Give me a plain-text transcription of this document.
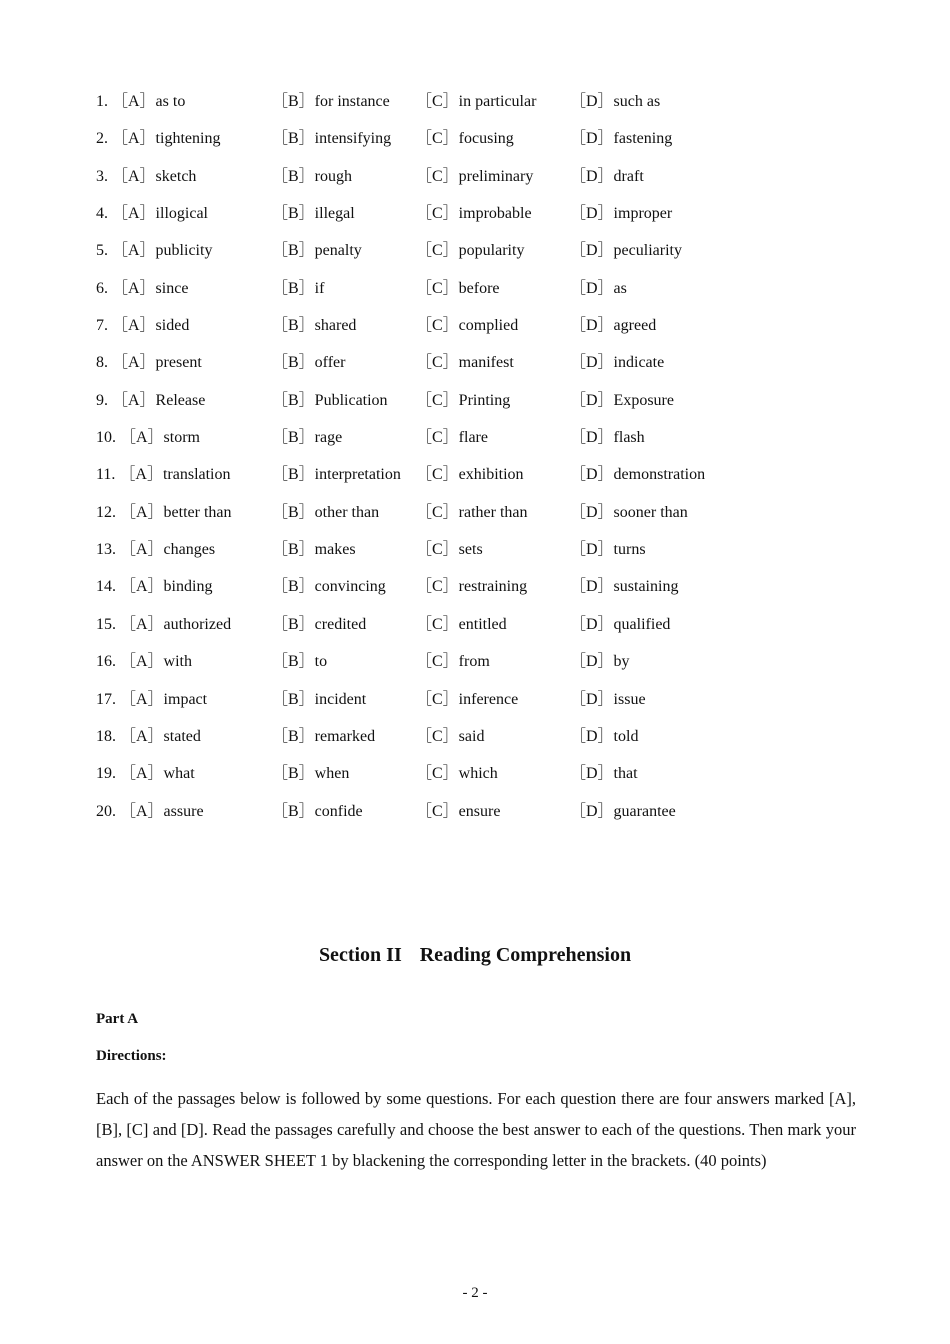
1. ［A］as to	［B］for instance ［C］in particular ［D］such as
2. ［A］tightening	［B］intensifying ［C］focusing	［D］fastening
3. ［A］sketch	［B］rough	［C］preliminary ［D］draft
4. ［A］illogical	［B］illegal	［C］improbable ［D］improper
5. ［A］publicity	［B］penalty	［C］popularity	［D］peculiarity
6. ［A］since	［B］if	［C］before	［D］as
7. ［A］sided	［B］shared	［C］complied	［D］agreed
8. ［A］present	［B］offer	［C］manifest	［D］indicate
9. ［A］Release	［B］Publication ［C］Printing	［D］Exposure
10. ［A］storm	［B］rage	［C］flare	［D］flash
11. ［A］translation	［B］interpretation ［C］exhibition	［D］demonstration
12. ［A］better than	［B］other than ［C］rather than	［D］sooner than
13. ［A］changes	［B］makes	［C］sets	［D］turns
14. ［A］binding	［B］convincing ［C］restraining	［D］sustaining
15. ［A］authorized	［B］credited	［C］entitled	［D］qualified
16. ［A］with	［B］to	［C］from	［D］by
17. ［A］impact	［B］incident	［C］inference	［D］issue
18. ［A］stated	［B］remarked	［C］said	［D］told
19. ［A］what	［B］when	［C］which	［D］that
20. ［A］assure	［B］confide	［C］ensure	［D］guarantee
Section II Reading Comprehension
Part A
Directions:
Each of the passages below is followed by some questions. For each question there are four answers marked [A], [B], [C] and [D]. Read the passages carefully and choose the best answer to each of the questions. Then mark your answer on the ANSWER SHEET 1 by blackening the corresponding letter in the brackets. (40 points)
- 2 -
